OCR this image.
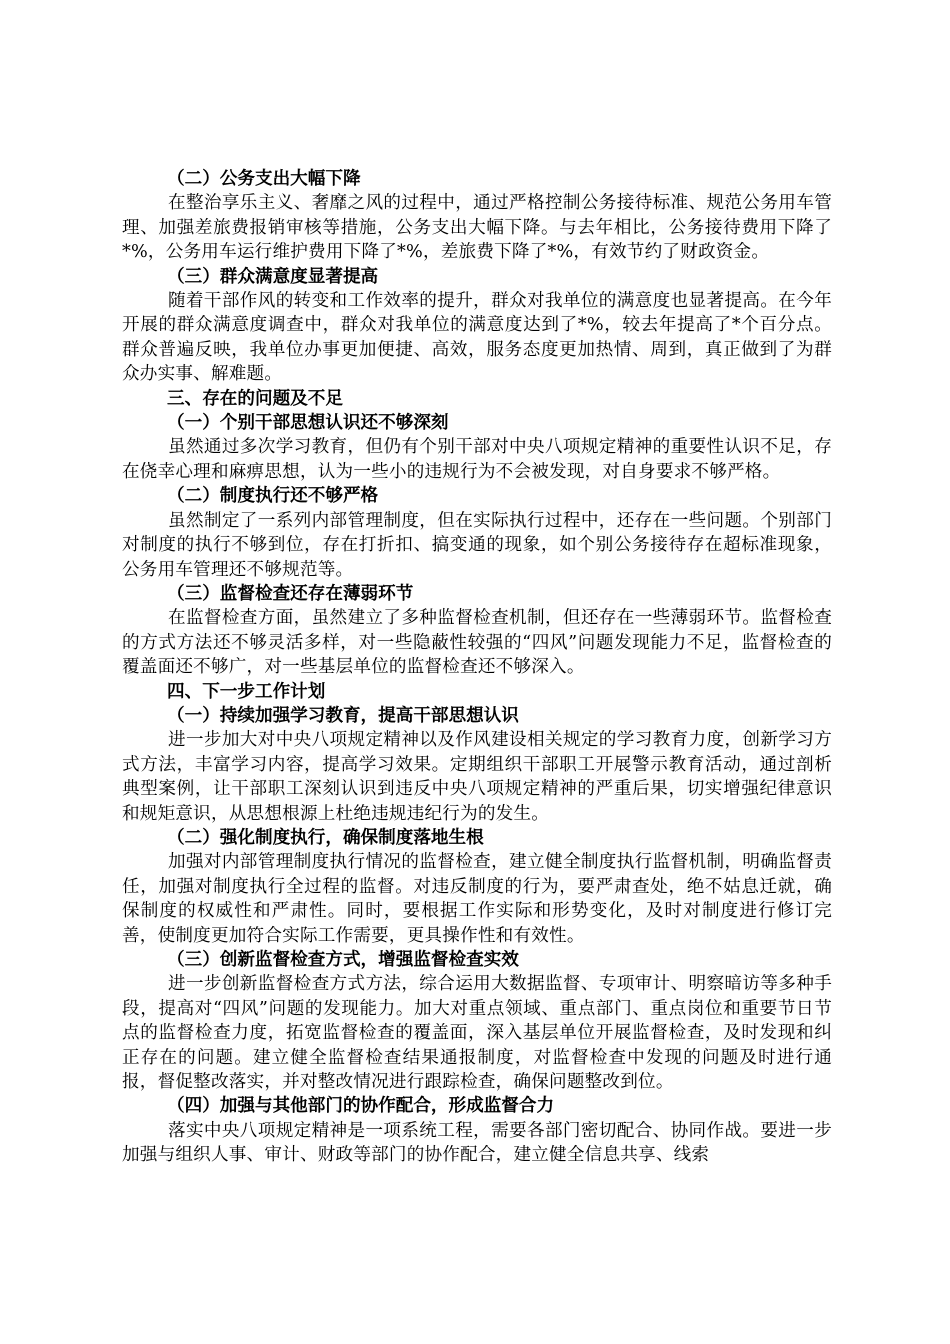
（二）公务支出大幅下降
在整治享乐主义、奢靡之风的过程中，通过严格控制公务接待标准、规范公务用车管理、加强差旅费报销审核等措施，公务支出大幅下降。与去年相比，公务接待费用下降了*%，公务用车运行维护费用下降了*%，差旅费下降了*%，有效节约了财政资金。
（三）群众满意度显著提高
随着干部作风的转变和工作效率的提升，群众对我单位的满意度也显著提高。在今年开展的群众满意度调查中，群众对我单位的满意度达到了*%，较去年提高了*个百分点。群众普遍反映，我单位办事更加便捷、高效，服务态度更加热情、周到，真正做到了为群众办实事、解难题。
三、存在的问题及不足
（一）个别干部思想认识还不够深刻
虽然通过多次学习教育，但仍有个别干部对中央八项规定精神的重要性认识不足，存在侥幸心理和麻痹思想，认为一些小的违规行为不会被发现，对自身要求不够严格。
（二）制度执行还不够严格
虽然制定了一系列内部管理制度，但在实际执行过程中，还存在一些问题。个别部门对制度的执行不够到位，存在打折扣、搞变通的现象，如个别公务接待存在超标准现象，公务用车管理还不够规范等。
（三）监督检查还存在薄弱环节
在监督检查方面，虽然建立了多种监督检查机制，但还存在一些薄弱环节。监督检查的方式方法还不够灵活多样，对一些隐蔽性较强的“四风”问题发现能力不足，监督检查的覆盖面还不够广，对一些基层单位的监督检查还不够深入。
四、下一步工作计划
（一）持续加强学习教育，提高干部思想认识
进一步加大对中央八项规定精神以及作风建设相关规定的学习教育力度，创新学习方式方法，丰富学习内容，提高学习效果。定期组织干部职工开展警示教育活动，通过剖析典型案例，让干部职工深刻认识到违反中央八项规定精神的严重后果，切实增强纪律意识和规矩意识，从思想根源上杜绝违规违纪行为的发生。
（二）强化制度执行，确保制度落地生根
加强对内部管理制度执行情况的监督检查，建立健全制度执行监督机制，明确监督责任，加强对制度执行全过程的监督。对违反制度的行为，要严肃查处，绝不姑息迁就，确保制度的权威性和严肃性。同时，要根据工作实际和形势变化，及时对制度进行修订完善，使制度更加符合实际工作需要，更具操作性和有效性。
（三）创新监督检查方式，增强监督检查实效
进一步创新监督检查方式方法，综合运用大数据监督、专项审计、明察暗访等多种手段，提高对“四风”问题的发现能力。加大对重点领域、重点部门、重点岗位和重要节日节点的监督检查力度，拓宽监督检查的覆盖面，深入基层单位开展监督检查，及时发现和纠正存在的问题。建立健全监督检查结果通报制度，对监督检查中发现的问题及时进行通报，督促整改落实，并对整改情况进行跟踪检查，确保问题整改到位。
（四）加强与其他部门的协作配合，形成监督合力
落实中央八项规定精神是一项系统工程，需要各部门密切配合、协同作战。要进一步加强与组织人事、审计、财政等部门的协作配合，建立健全信息共享、线索
